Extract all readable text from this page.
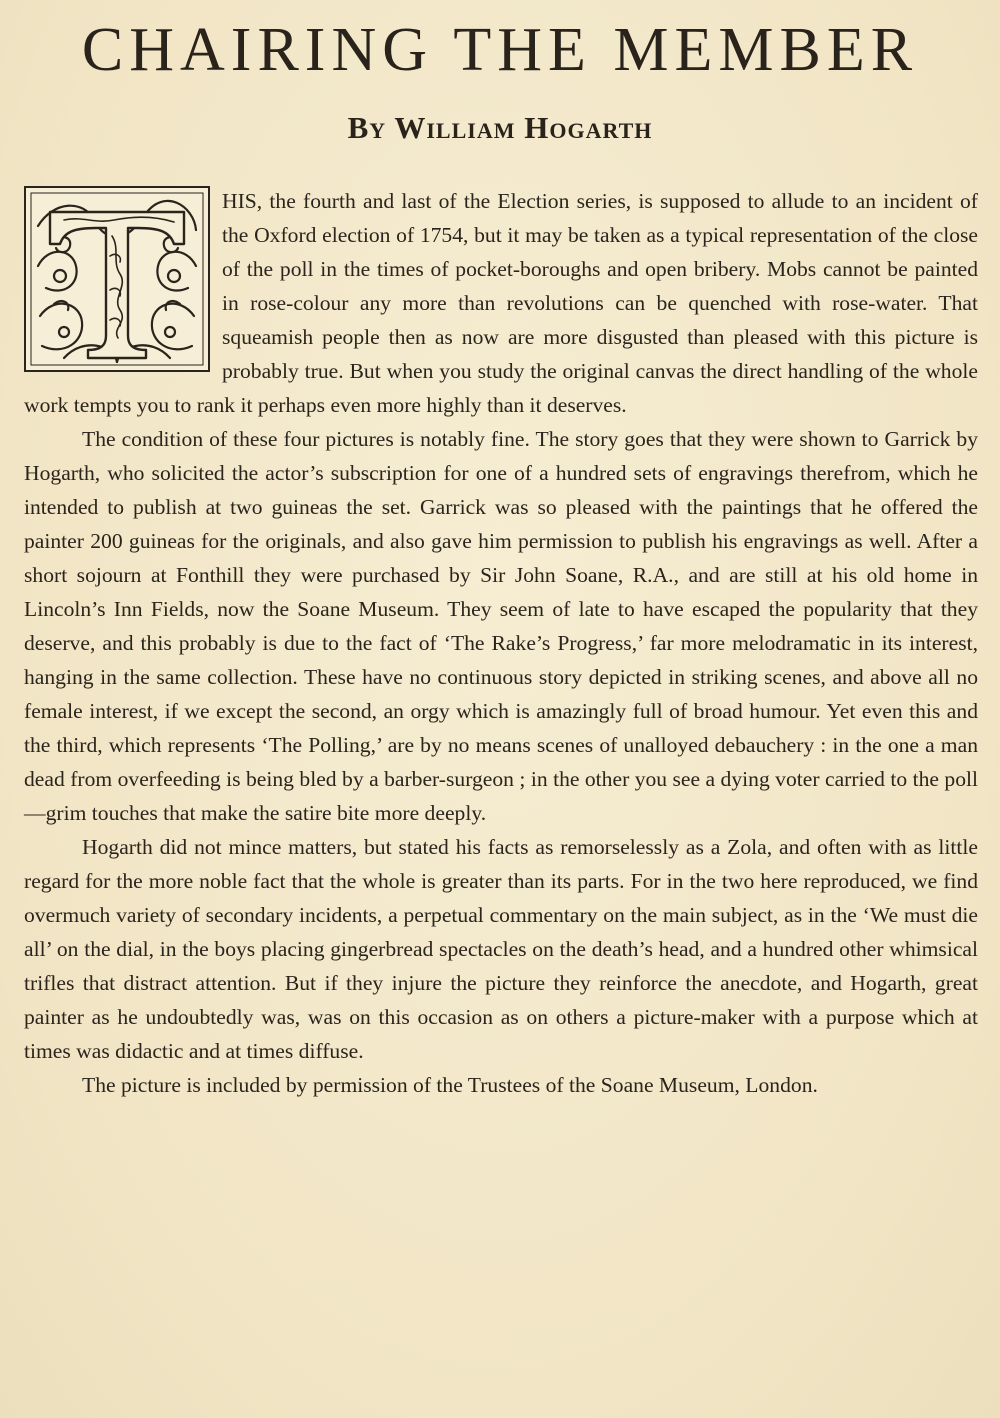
CHAIRING THE MEMBER
By William Hogarth

HIS, the fourth and last of the Election series, is supposed to allude to an incident of the Oxford election of 1754, but it may be taken as a typical representation of the close of the poll in the times of pocket-boroughs and open bribery. Mobs cannot be painted in rose-colour any more than revolutions can be quenched with rose-water. That squeamish people then as now are more disgusted than pleased with this picture is probably true. But when you study the original canvas the direct handling of the whole work tempts you to rank it perhaps even more highly than it deserves.

The condition of these four pictures is notably fine. The story goes that they were shown to Garrick by Hogarth, who solicited the actor’s subscription for one of a hundred sets of engravings therefrom, which he intended to publish at two guineas the set. Garrick was so pleased with the paintings that he offered the painter 200 guineas for the originals, and also gave him permission to publish his engravings as well. After a short sojourn at Fonthill they were purchased by Sir John Soane, R.A., and are still at his old home in Lincoln’s Inn Fields, now the Soane Museum. They seem of late to have escaped the popularity that they deserve, and this probably is due to the fact of ‘The Rake’s Progress,’ far more melodramatic in its interest, hanging in the same collection. These have no continuous story depicted in striking scenes, and above all no female interest, if we except the second, an orgy which is amazingly full of broad humour. Yet even this and the third, which represents ‘The Polling,’ are by no means scenes of unalloyed debauchery : in the one a man dead from overfeeding is being bled by a barber-surgeon ; in the other you see a dying voter carried to the poll—grim touches that make the satire bite more deeply.

Hogarth did not mince matters, but stated his facts as remorselessly as a Zola, and often with as little regard for the more noble fact that the whole is greater than its parts. For in the two here reproduced, we find overmuch variety of secondary incidents, a perpetual commentary on the main subject, as in the ‘We must die all’ on the dial, in the boys placing gingerbread spectacles on the death’s head, and a hundred other whimsical trifles that distract attention. But if they injure the picture they reinforce the anecdote, and Hogarth, great painter as he undoubtedly was, was on this occasion as on others a picture-maker with a purpose which at times was didactic and at times diffuse.

The picture is included by permission of the Trustees of the Soane Museum, London.
